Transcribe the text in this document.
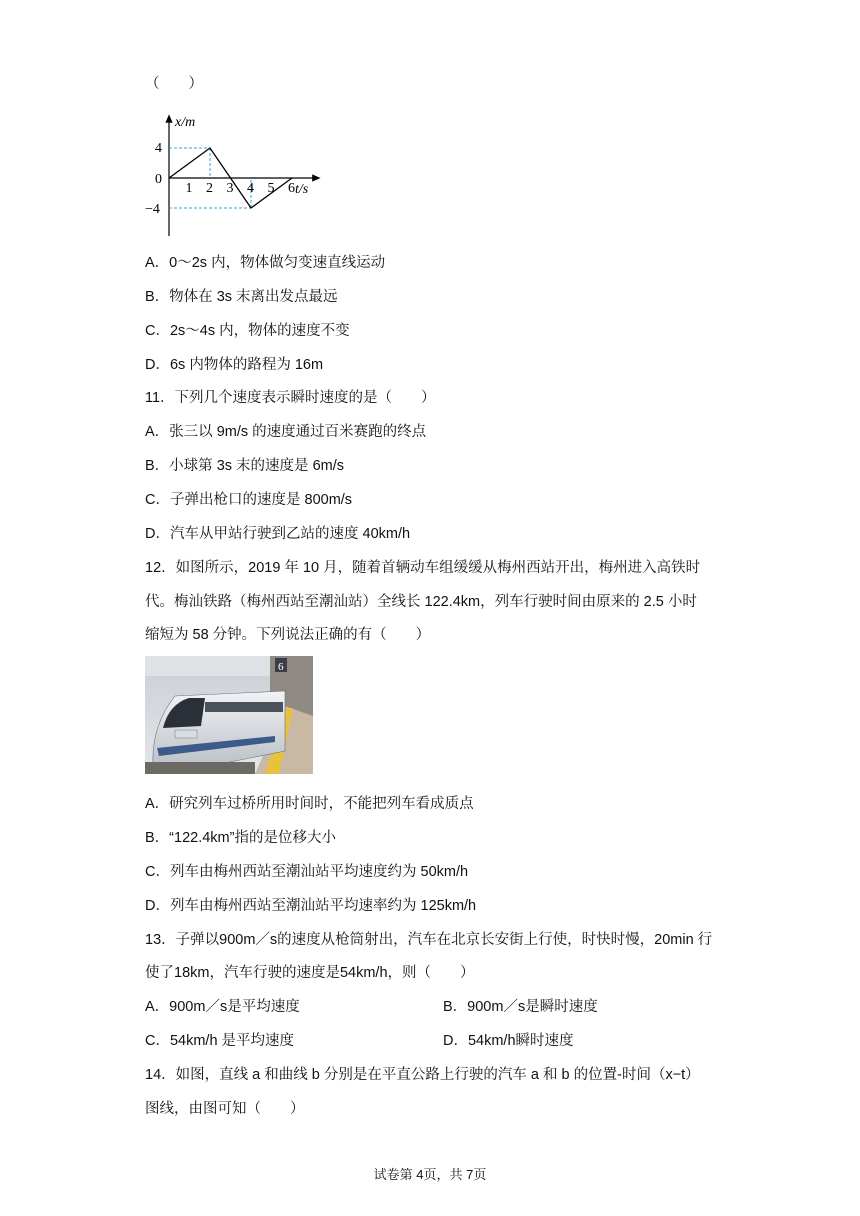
（　　）
x/m
4
0
−4
1 2 3 4 5 6 t/s
A．0～2s 内，物体做匀变速直线运动
B．物体在 3s 末离出发点最远
C．2s～4s 内，物体的速度不变
D．6s 内物体的路程为 16m
11．下列几个速度表示瞬时速度的是（　　）
A．张三以 9m/s 的速度通过百米赛跑的终点
B．小球第 3s 末的速度是 6m/s
C．子弹出枪口的速度是 800m/s
D．汽车从甲站行驶到乙站的速度 40km/h
12．如图所示，2019 年 10 月，随着首辆动车组缓缓从梅州西站开出，梅州进入高铁时
代。梅汕铁路（梅州西站至潮汕站）全线长 122.4km，列车行驶时间由原来的 2.5 小时
缩短为 58 分钟。下列说法正确的有（　　）
6
A．研究列车过桥所用时间时，不能把列车看成质点
B．“122.4km”指的是位移大小
C．列车由梅州西站至潮汕站平均速度约为 50km/h
D．列车由梅州西站至潮汕站平均速率约为 125km/h
13．子弹以900m／s的速度从枪筒射出，汽车在北京长安街上行使，时快时慢，20min 行
使了18km，汽车行驶的速度是54km/h，则（　　）
A．900m／s是平均速度	B．900m／s是瞬时速度
C．54km/h 是平均速度	D．54km/h瞬时速度
14．如图，直线 a 和曲线 b 分别是在平直公路上行驶的汽车 a 和 b 的位置-时间（x−t）
图线，由图可知（　　）
试卷第 4页，共 7页
